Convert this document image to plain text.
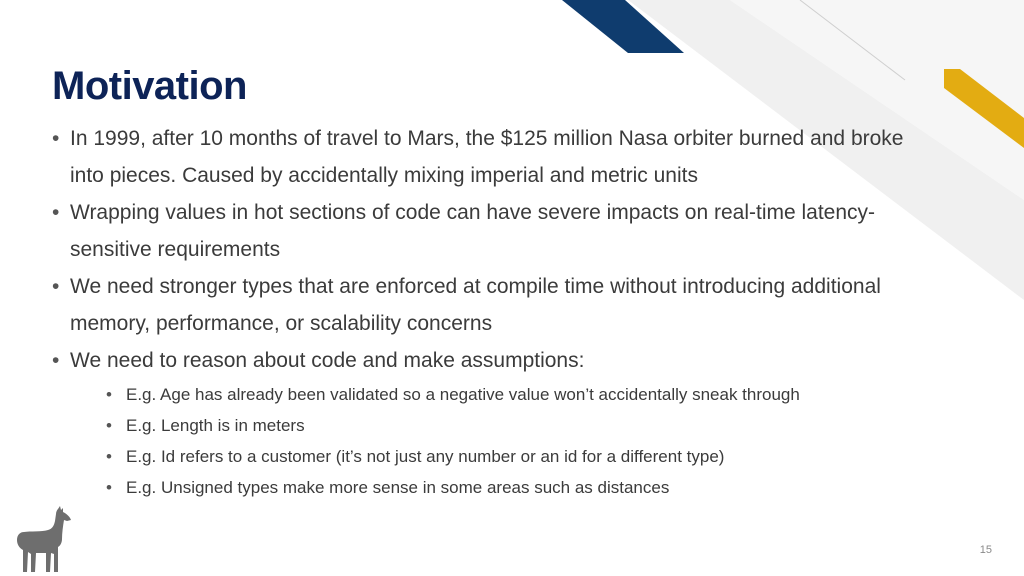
Motivation
• In 1999, after 10 months of travel to Mars, the $125 million Nasa orbiter burned and broke into pieces. Caused by accidentally mixing imperial and metric units
• Wrapping values in hot sections of code can have severe impacts on real-time latency-sensitive requirements
• We need stronger types that are enforced at compile time without introducing additional memory, performance, or scalability concerns
• We need to reason about code and make assumptions:
• E.g. Age has already been validated so a negative value won’t accidentally sneak through
• E.g. Length is in meters
• E.g. Id refers to a customer (it’s not just any number or an id for a different type)
• E.g. Unsigned types make more sense in some areas such as distances
15
